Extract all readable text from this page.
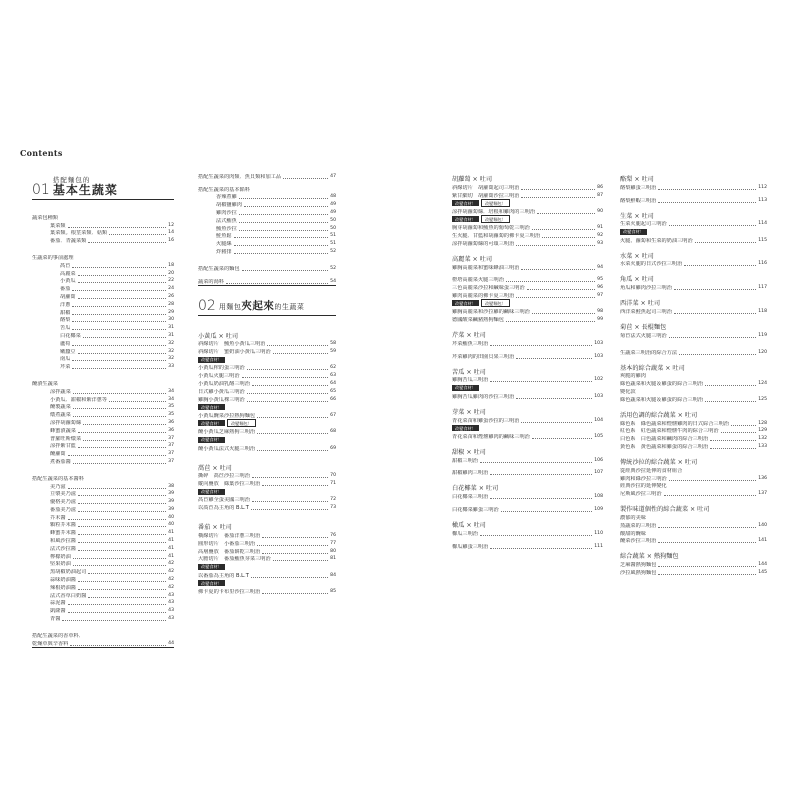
Contents
01
搭配麵包的
基本生蔬菜
蔬菜包種類
葉菜類	12
葉菜類。根莖菜類．菇類	14
番茄．青蔬菜類	16
生蔬菜的事前處理
萵苣	18
高麗菜	20
小黃瓜	22
番茄	24
胡蘿蔔	26
洋蔥	28
甜椒	29
酪梨	30
苦瓜	31
白花椰菜	31
蘆筍	32
嫩蠶豆	32
南瓜	32
芹菜	33
醃漬生蔬菜
涼拌蔬菜	34
小黃瓜．甜椒和紫洋蔥等	34
醃製蔬菜	35
燉煮蔬菜	35
涼拌胡蘿蔔絲	36
蜂蜜漬蔬菜	36
普羅旺斯燉菜	37
涼拌紫甘藍	37
醃蘿蔔	37
煮番茄醬	37
搭配生蔬菜的基本醬料
美乃滋	38
豆漿美乃滋	39
優格美乃滋	39
番茄美乃滋	39
芥末醬	40
顆粒芥末醬	40
蜂蜜芥末醬	41
和風沙拉醬	41
法式沙拉醬	41
檸檬奶油	41
堅果奶油	42
黑胡椒奶油起司	42
蒜味奶油醬	42
辣根奶油醬	42
法式香草白奶醬	43
蒜泥醬	43
凱薩醬	43
青醬	43
搭配生蔬菜的香草料．
乾燥草與辛香料	44
搭配生蔬菜的肉類．魚貝類和加工品	47
搭配生蔬菜的基本餡料
香辣煮雞	48
胡椒鹽雞肉	49
雞肉沙拉	49
法式鮪魚	50
鮪魚沙拉	50
鮭魚鬆	51
火腿絲	51
炸豬排	52
搭配生蔬菜的麵包	52
蔬菜的湯料	54
02 用麵包夾起來的生蔬菜
小黃瓜 × 吐司
斜線切片　鮪魚小黃瓜三明治	58
斜線切片　蜜奶油小黃瓜三明治	59
改變食材！
小黃瓜榨的蛋三明治	62
小黃瓜火腿三明治	63
小黃瓜奶油乳酪三明治	64
日式雞小黃瓜三明治	65
雞胸小黃瓜裸三明治	66
改變食材！
小黃瓜醃菜沙拉熱狗麵包	67
改變食材！	改變麵包！
醃小黃瓜芝麻熱狗三明治	68
改變食材！
醃小黃瓜法式火腿三明治	69
萵苣 × 吐司
撕碎　萵苣沙拉三明治	70
縱向疊放　綠葉沙拉三明治	71
改變食材！
萵苣雞全蛋美國三明治	72
以萵苣為主角的 B.L.T	73
番茄 × 吐司
橫線切片　番茄洋蔥三明治	76
圓形切片　小番茄三明治	77
高層疊放　番茄餅乾三明治	80
大膽切片　番茄鮪魚芽菜三明治	81
改變食材！
以番茄為主角的 B.L.T	84
改變食材！
佛卡夏的卡布里沙拉三明治	85
胡蘿蔔 × 吐司
斜線切片　胡蘿蔔起司三明治	86
紫甘細切　胡蘿蔔沙拉三明治	87
改變食材！	改變麵包！
涼拌胡蘿蔔絲．培根和雞肉的三明治	90
改變食材！	改變麵包！
胸芽胡蘿蔔和鮪魚的葡萄乾三明治	91
生火腿．甘藍和胡蘿蔔的佛卡夏三明治	92
涼拌胡蘿蔔絲的可頌三明治	93
高麗菜 × 吐司
雞胸高麗菜和蜜味蜂油三明治	94
橙塔高麗菜火腿三明治	95
三色高麗菜沙拉和鹹味蛋三明治	96
雞肉高麗菜的佛卡夏三明治	97
改變食材！	改變麵包！
雞胸高麗菜和沙拉雞的鹹味三明治	98
德國酸菜鹹豬熱狗麵包	99
芹菜 × 吐司
芹菜鮪魚三明治	103
芹菜雞肉的田園貝果三明治	103
苦瓜 × 吐司
雞胸苦瓜三明治	102
改變食材！
雞胸苦瓜雞肉的沙拉三明治	103
芽菜 × 吐司
青花菜苗和雞蛋沙拉的三明治	104
改變食材！
青花菜苗和煙燻雞肉的鹹味三明治	105
甜椒 × 吐司
甜椒三明治	106
甜椒雞肉三明治	107
白花椰菜 × 吐司
白花椰菜三明治	108
白花椰菜雞蛋三明治	109
橄瓜 × 吐司
櫛瓜三明治	110
櫛瓜雞蛋三明治	111
酪梨 × 吐司
酪梨雞蛋三明治	112
酪梨鮮蝦三明治	113
生菜 × 吐司
生菜火腿起司三明治	114
改變食材！
火腿、蘿蔔和生菜的奶油三明治	115
水菜 × 吐司
水菜火腿的日式沙拉三明治	116
角瓜 × 吐司
角瓜和雞肉沙拉三明治	117
西洋菜 × 吐司
西洋菜鮭魚起司三明治	118
菊苣 × 長棍麵包
菊苣法式火腿三明治	119
生蔬菜三明治的綜合方法	120
基本的綜合蔬菜 × 吐司
爽脆的雞肉
綠色蔬菜和火腿＆雞蛋的綜合三明治	124
變化款
綠色蔬菜和火腿＆雞蛋的綜合三明治	125
活用色調的綜合蔬菜 × 吐司
綠色系　綠色蔬菜和煙燻雞肉的日式綜合三明治	128
紅色系　紅色蔬菜和煙燻牛肉的綜合三明治	129
白色系　白色蔬菜和鹹肉的綜合三明治	132
黃色系　黃色蔬菜和雞蛋的綜合三明治	133
傳統沙拉的綜合蔬菜 × 吐司
從經典沙拉延伸的食材組合
雞肉和綠沙拉三明治	136
經典沙拉的延伸變化
尼斯風沙拉三明治	137
製作味道個性的綜合蔬菜 × 吐司
濃郁的美味
蒸蔬菜的三明治	140
酸甜的醃味
醃菜沙拉三明治	141
綜合蔬菜 × 熱狗麵包
芝麻醬熱狗麵包	144
沙拉風熱狗麵包	145
